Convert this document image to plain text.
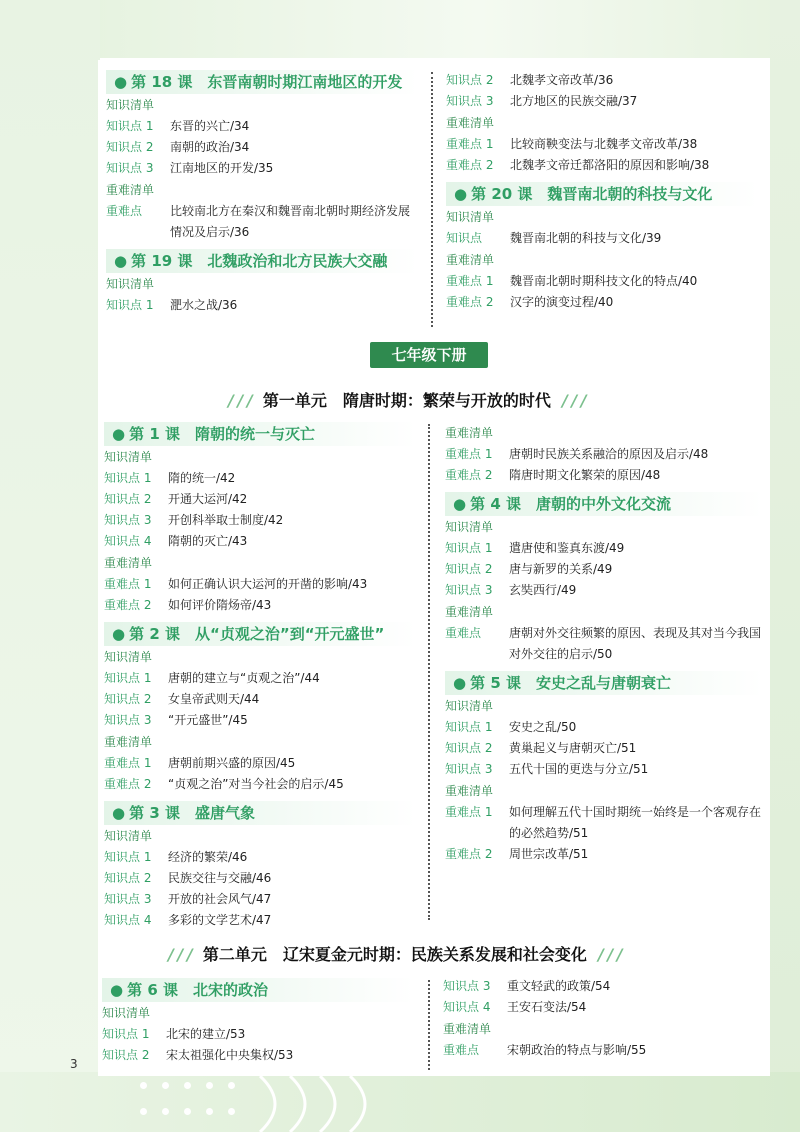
● 第 18 课　东晋南朝时期江南地区的开发
知识清单
知识点 1	东晋的兴亡/34
知识点 2	南朝的政治/34
知识点 3	江南地区的开发/35
重难清单
重难点	比较南北方在秦汉和魏晋南北朝时期经济发展情况及启示/36
● 第 19 课　北魏政治和北方民族大交融
知识清单
知识点 1	淝水之战/36
知识点 2	北魏孝文帝改革/36
知识点 3	北方地区的民族交融/37
重难清单
重难点 1	比较商鞅变法与北魏孝文帝改革/38
重难点 2	北魏孝文帝迁都洛阳的原因和影响/38
● 第 20 课　魏晋南北朝的科技与文化
知识清单
知识点	魏晋南北朝的科技与文化/39
重难清单
重难点 1	魏晋南北朝时期科技文化的特点/40
重难点 2	汉字的演变过程/40
七年级下册
/ / / 第一单元　隋唐时期：繁荣与开放的时代 / / /
● 第 1 课　隋朝的统一与灭亡
知识清单
知识点 1	隋的统一/42
知识点 2	开通大运河/42
知识点 3	开创科举取士制度/42
知识点 4	隋朝的灭亡/43
重难清单
重难点 1	如何正确认识大运河的开凿的影响/43
重难点 2	如何评价隋炀帝/43
● 第 2 课　从“贞观之治”到“开元盛世”
知识清单
知识点 1	唐朝的建立与“贞观之治”/44
知识点 2	女皇帝武则天/44
知识点 3	“开元盛世”/45
重难清单
重难点 1	唐朝前期兴盛的原因/45
重难点 2	“贞观之治”对当今社会的启示/45
● 第 3 课　盛唐气象
知识清单
知识点 1	经济的繁荣/46
知识点 2	民族交往与交融/46
知识点 3	开放的社会风气/47
知识点 4	多彩的文学艺术/47
重难清单
重难点 1	唐朝时民族关系融洽的原因及启示/48
重难点 2	隋唐时期文化繁荣的原因/48
● 第 4 课　唐朝的中外文化交流
知识清单
知识点 1	遣唐使和鉴真东渡/49
知识点 2	唐与新罗的关系/49
知识点 3	玄奘西行/49
重难清单
重难点	唐朝对外交往频繁的原因、表现及其对当今我国对外交往的启示/50
● 第 5 课　安史之乱与唐朝衰亡
知识清单
知识点 1	安史之乱/50
知识点 2	黄巢起义与唐朝灭亡/51
知识点 3	五代十国的更迭与分立/51
重难清单
重难点 1	如何理解五代十国时期统一始终是一个客观存在的必然趋势/51
重难点 2	周世宗改革/51
/ / / 第二单元　辽宋夏金元时期：民族关系发展和社会变化 / / /
● 第 6 课　北宋的政治
知识清单
知识点 1	北宋的建立/53
知识点 2	宋太祖强化中央集权/53
知识点 3	重文轻武的政策/54
知识点 4	王安石变法/54
重难清单
重难点	宋朝政治的特点与影响/55
3
